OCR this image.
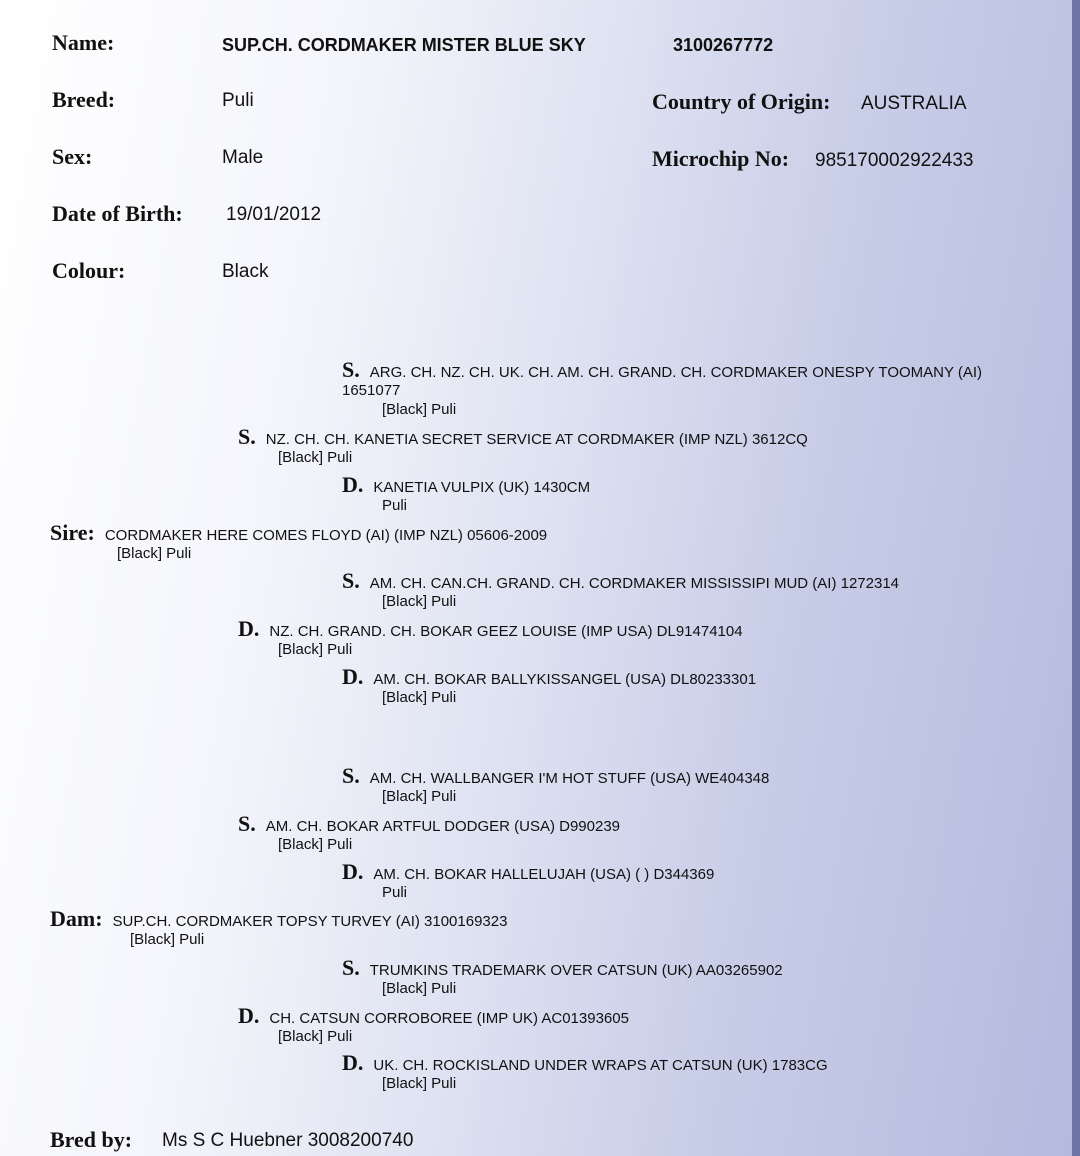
Name:	SUP.CH. CORDMAKER MISTER BLUE SKY	3100267772
Breed:	Puli	Country of Origin: AUSTRALIA
Sex:	Male	Microchip No: 985170002922433
Date of Birth: 19/01/2012
Colour:	Black
S. ARG. CH. NZ. CH. UK. CH. AM. CH. GRAND. CH. CORDMAKER ONESPY TOOMANY (AI)
1651077
[Black] Puli
S. NZ. CH. CH. KANETIA SECRET SERVICE AT CORDMAKER (IMP NZL) 3612CQ
[Black] Puli
D. KANETIA VULPIX (UK) 1430CM
Puli
Sire: CORDMAKER HERE COMES FLOYD (AI) (IMP NZL) 05606-2009
[Black] Puli
S. AM. CH. CAN.CH. GRAND. CH. CORDMAKER MISSISSIPI MUD (AI) 1272314
[Black] Puli
D. NZ. CH. GRAND. CH. BOKAR GEEZ LOUISE (IMP USA) DL91474104
[Black] Puli
D. AM. CH. BOKAR BALLYKISSANGEL (USA) DL80233301
[Black] Puli
S. AM. CH. WALLBANGER I'M HOT STUFF (USA) WE404348
[Black] Puli
S. AM. CH. BOKAR ARTFUL DODGER (USA) D990239
[Black] Puli
D. AM. CH. BOKAR HALLELUJAH (USA) ( ) D344369
Puli
Dam: SUP.CH. CORDMAKER TOPSY TURVEY (AI) 3100169323
[Black] Puli
S. TRUMKINS TRADEMARK OVER CATSUN (UK) AA03265902
[Black] Puli
D. CH. CATSUN CORROBOREE (IMP UK) AC01393605
[Black] Puli
D. UK. CH. ROCKISLAND UNDER WRAPS AT CATSUN (UK) 1783CG
[Black] Puli
Bred by: Ms S C Huebner 3008200740
